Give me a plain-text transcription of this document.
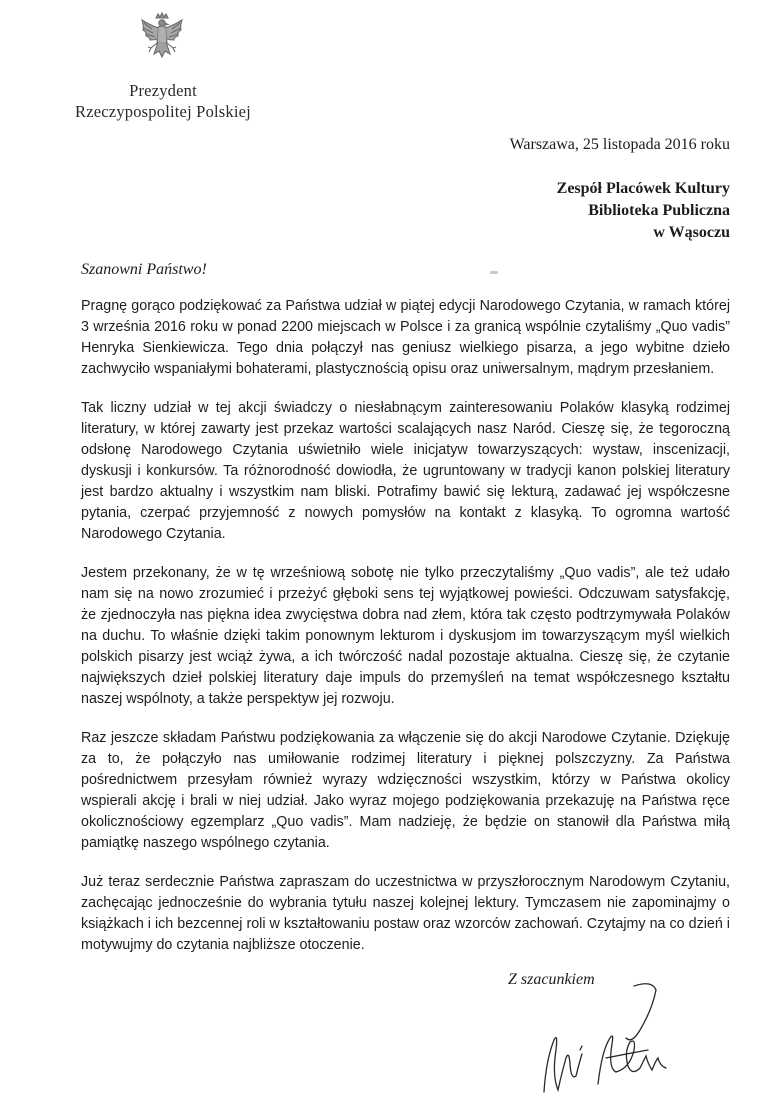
Prezydent
Rzeczypospolitej Polskiej
Warszawa, 25 listopada 2016 roku
Zespół Placówek Kultury
Biblioteka Publiczna
w Wąsoczu
Szanowni Państwo!

Pragnę gorąco podziękować za Państwa udział w piątej edycji Narodowego Czytania, w ramach której 3 września 2016 roku w ponad 2200 miejscach w Polsce i za granicą wspólnie czytaliśmy „Quo vadis” Henryka Sienkiewicza. Tego dnia połączył nas geniusz wielkiego pisarza, a jego wybitne dzieło zachwyciło wspaniałymi bohaterami, plastycznością opisu oraz uniwersalnym, mądrym przesłaniem.

Tak liczny udział w tej akcji świadczy o niesłabnącym zainteresowaniu Polaków klasyką rodzimej literatury, w której zawarty jest przekaz wartości scalających nasz Naród. Cieszę się, że tegoroczną odsłonę Narodowego Czytania uświetniło wiele inicjatyw towarzyszących: wystaw, inscenizacji, dyskusji i konkursów. Ta różnorodność dowiodła, że ugruntowany w tradycji kanon polskiej literatury jest bardzo aktualny i wszystkim nam bliski. Potrafimy bawić się lekturą, zadawać jej współczesne pytania, czerpać przyjemność z nowych pomysłów na kontakt z klasyką. To ogromna wartość Narodowego Czytania.

Jestem przekonany, że w tę wrześniową sobotę nie tylko przeczytaliśmy „Quo vadis”, ale też udało nam się na nowo zrozumieć i przeżyć głęboki sens tej wyjątkowej powieści. Odczuwam satysfakcję, że zjednoczyła nas piękna idea zwycięstwa dobra nad złem, która tak często podtrzymywała Polaków na duchu. To właśnie dzięki takim ponownym lekturom i dyskusjom im towarzyszącym myśl wielkich polskich pisarzy jest wciąż żywa, a ich twórczość nadal pozostaje aktualna. Cieszę się, że czytanie największych dzieł polskiej literatury daje impuls do przemyśleń na temat współczesnego kształtu naszej wspólnoty, a także perspektyw jej rozwoju.

Raz jeszcze składam Państwu podziękowania za włączenie się do akcji Narodowe Czytanie. Dziękuję za to, że połączyło nas umiłowanie rodzimej literatury i pięknej polszczyzny. Za Państwa pośrednictwem przesyłam również wyrazy wdzięczności wszystkim, którzy w Państwa okolicy wspierali akcję i brali w niej udział. Jako wyraz mojego podziękowania przekazuję na Państwa ręce okolicznościowy egzemplarz „Quo vadis”. Mam nadzieję, że będzie on stanowił dla Państwa miłą pamiątkę naszego wspólnego czytania.

Już teraz serdecznie Państwa zapraszam do uczestnictwa w przyszłorocznym Narodowym Czytaniu, zachęcając jednocześnie do wybrania tytułu naszej kolejnej lektury. Tymczasem nie zapominajmy o książkach i ich bezcennej roli w kształtowaniu postaw oraz wzorców zachowań. Czytajmy na co dzień i motywujmy do czytania najbliższe otoczenie.

Z szacunkiem
